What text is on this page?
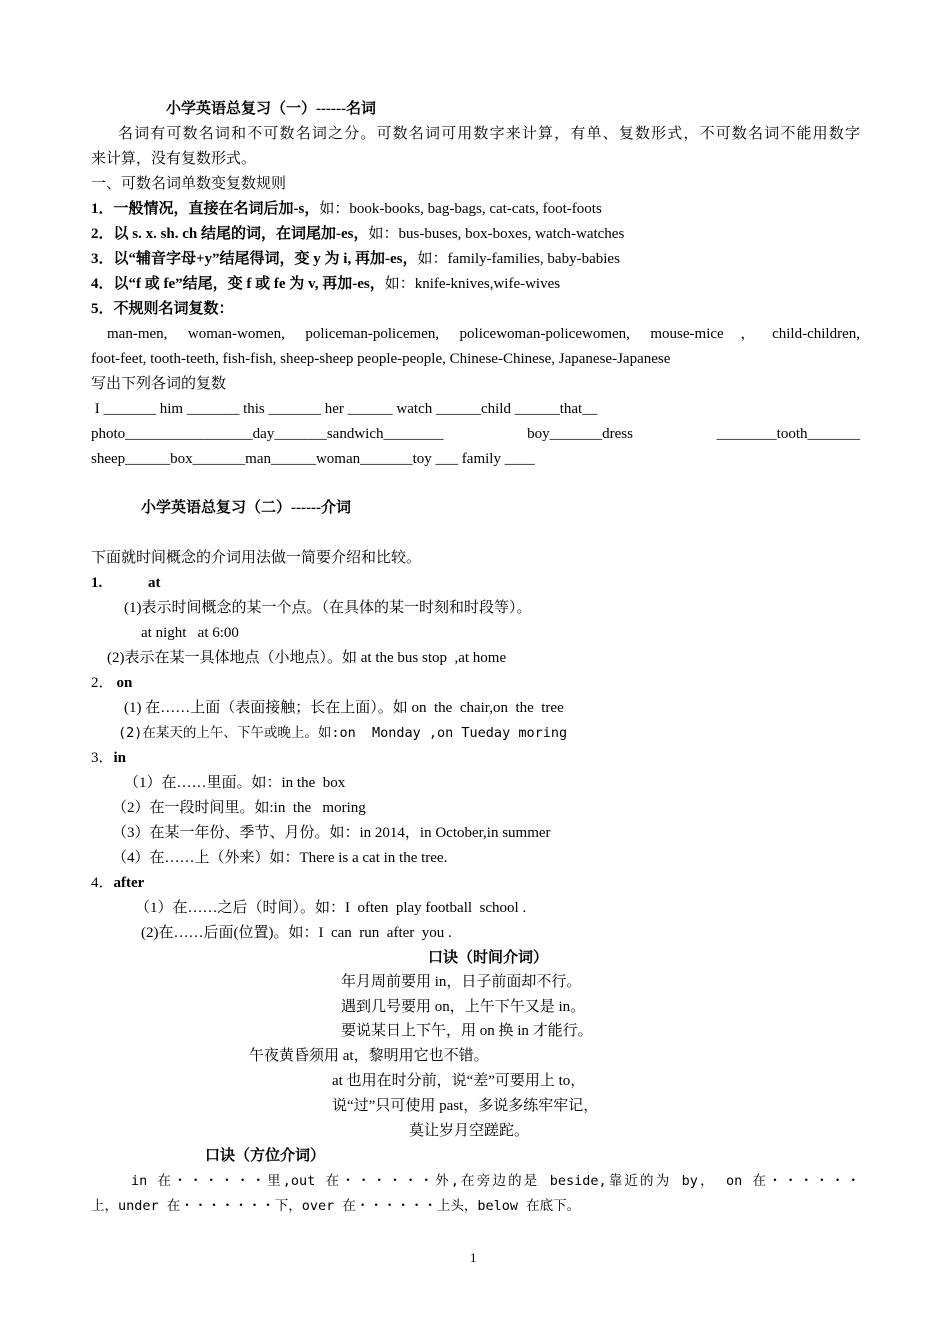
小学英语总复习（一）------名词
名词有可数名词和不可数名词之分。可数名词可用数字来计算，有单、复数形式，不可数名词不能用数字
来计算，没有复数形式。
一、可数名词单数变复数规则
1．一般情况，直接在名词后加-s，如：book-books, bag-bags, cat-cats, foot-foots
2．以 s. x. sh. ch 结尾的词，在词尾加-es，如：bus-buses, box-boxes, watch-watches
3．以“辅音字母+y”结尾得词，变 y 为 i, 再加-es，如：family-families, baby-babies
4．以“f 或 fe”结尾，变 f 或 fe 为 v, 再加-es，如：knife-knives,wife-wives
5．不规则名词复数：
man-men, woman-women, policeman-policemen, policewoman-policewomen, mouse-mice，child-children,
foot-feet, tooth-teeth, fish-fish, sheep-sheep people-people, Chinese-Chinese, Japanese-Japanese
写出下列各词的复数
I _______ him _______ this _______ her ______ watch ______child ______that__
photo_________________day_______sandwich________          boy_______dress          ________tooth_______
sheep______box_______man______woman_______toy ___ family ____
小学英语总复习（二）------介词
下面就时间概念的介词用法做一简要介绍和比较。
1.	at
(1)表示时间概念的某一个点。（在具体的某一时刻和时段等）。
at night   at 6:00
(2)表示在某一具体地点（小地点）。如 at the bus stop  ,at home
2． on
(1) 在……上面（表面接触；长在上面）。如 on  the  chair,on  the  tree
(2)在某天的上午、下午或晚上。如:on  Monday ,on Tueday moring
3．in
（1）在……里面。如：in the  box
（2）在一段时间里。如:in  the   moring
（3）在某一年份、季节、月份。如：in 2014，in October,in summer
（4）在……上（外来）如：There is a cat in the tree.
4．after
（1）在……之后（时间）。如：I  often  play football  school .
(2)在……后面(位置)。如：I  can  run  after  you .
口诀（时间介词）
年月周前要用 in，日子前面却不行。
遇到几号要用 on，上午下午又是 in。
要说某日上下午，用 on 换 in 才能行。
午夜黄昏须用 at，黎明用它也不错。
at 也用在时分前，说“差”可要用上 to，
说“过”只可使用 past，多说多练牢牢记，
莫让岁月空蹉跎。
口诀（方位介词）
in 在・・・・・・里,out 在・・・・・・外,在旁边的是 beside,靠近的为 by， on 在・・・・・・
上，under 在・・・・・・・下，over 在・・・・・・上头，below 在底下。
1
